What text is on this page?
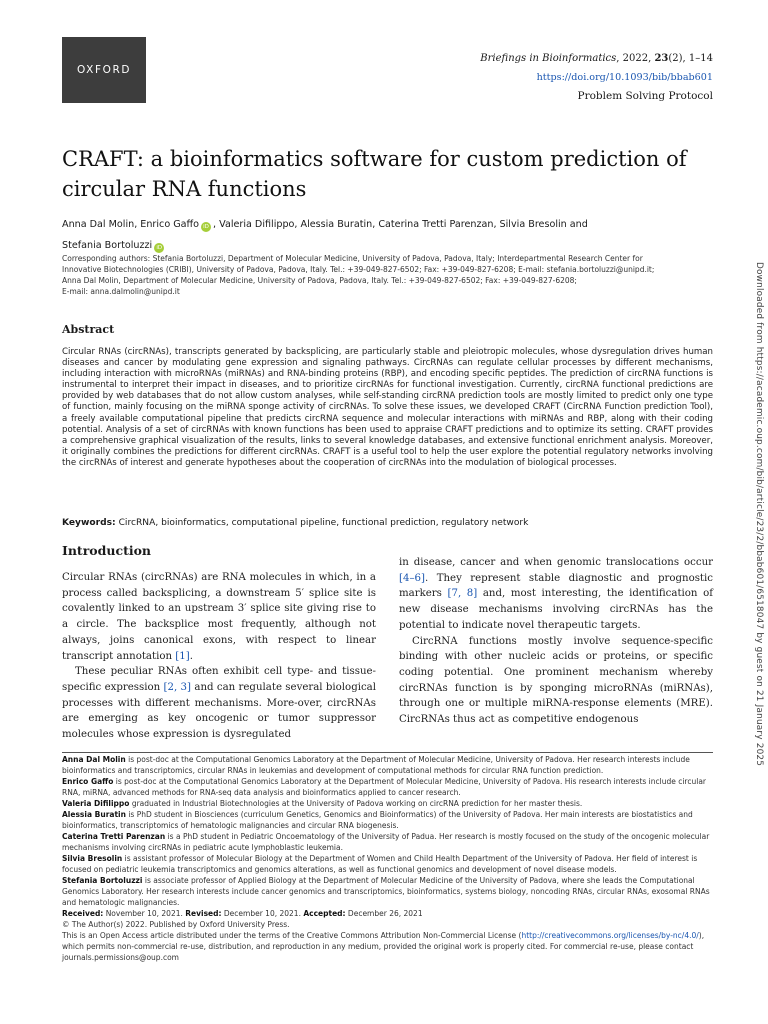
OXFORD
Briefings in Bioinformatics, 2022, 23(2), 1–14
https://doi.org/10.1093/bib/bbab601
Problem Solving Protocol
CRAFT: a bioinformatics software for custom prediction of circular RNA functions
Anna Dal Molin, Enrico Gaffo iD , Valeria Difilippo, Alessia Buratin, Caterina Tretti Parenzan, Silvia Bresolin and
Stefania Bortoluzzi iD
Corresponding authors: Stefania Bortoluzzi, Department of Molecular Medicine, University of Padova, Padova, Italy; Interdepartmental Research Center for
Innovative Biotechnologies (CRIBI), University of Padova, Padova, Italy. Tel.: +39-049-827-6502; Fax: +39-049-827-6208; E-mail: stefania.bortoluzzi@unipd.it;
Anna Dal Molin, Department of Molecular Medicine, University of Padova, Padova, Italy. Tel.: +39-049-827-6502; Fax: +39-049-827-6208;
E-mail: anna.dalmolin@unipd.it
Abstract

Circular RNAs (circRNAs), transcripts generated by backsplicing, are particularly stable and pleiotropic molecules, whose dysregulation drives human diseases and cancer by modulating gene expression and signaling pathways. CircRNAs can regulate cellular processes by different mechanisms, including interaction with microRNAs (miRNAs) and RNA-binding proteins (RBP), and encoding specific peptides. The prediction of circRNA functions is instrumental to interpret their impact in diseases, and to prioritize circRNAs for functional investigation. Currently, circRNA functional predictions are provided by web databases that do not allow custom analyses, while self-standing circRNA prediction tools are mostly limited to predict only one type of function, mainly focusing on the miRNA sponge activity of circRNAs. To solve these issues, we developed CRAFT (CircRNA Function prediction Tool), a freely available computational pipeline that predicts circRNA sequence and molecular interactions with miRNAs and RBP, along with their coding potential. Analysis of a set of circRNAs with known functions has been used to appraise CRAFT predictions and to optimize its setting. CRAFT provides a comprehensive graphical visualization of the results, links to several knowledge databases, and extensive functional enrichment analysis. Moreover, it originally combines the predictions for different circRNAs. CRAFT is a useful tool to help the user explore the potential regulatory networks involving the circRNAs of interest and generate hypotheses about the cooperation of circRNAs into the modulation of biological processes.

Keywords: CircRNA, bioinformatics, computational pipeline, functional prediction, regulatory network
Introduction

Circular RNAs (circRNAs) are RNA molecules in which, in a process called backsplicing, a downstream 5′ splice site is covalently linked to an upstream 3′ splice site giving rise to a circle. The backsplice most frequently, although not always, joins canonical exons, with respect to linear transcript annotation [1].

These peculiar RNAs often exhibit cell type- and tissue-specific expression [2, 3] and can regulate several biological processes with different mechanisms. More-over, circRNAs are emerging as key oncogenic or tumor suppressor molecules whose expression is dysregulated

in disease, cancer and when genomic translocations occur [4–6]. They represent stable diagnostic and prognostic markers [7, 8] and, most interesting, the identification of new disease mechanisms involving circRNAs has the potential to indicate novel therapeutic targets.

CircRNA functions mostly involve sequence-specific binding with other nucleic acids or proteins, or specific coding potential. One prominent mechanism whereby circRNAs function is by sponging microRNAs (miRNAs), through one or multiple miRNA-response elements (MRE). CircRNAs thus act as competitive endogenous

Anna Dal Molin is post-doc at the Computational Genomics Laboratory at the Department of Molecular Medicine, University of Padova. Her research interests include bioinformatics and transcriptomics, circular RNAs in leukemias and development of computational methods for circular RNA function prediction.

Enrico Gaffo is post-doc at the Computational Genomics Laboratory at the Department of Molecular Medicine, University of Padova. His research interests include circular RNA, miRNA, advanced methods for RNA-seq data analysis and bioinformatics applied to cancer research.

Valeria Difilippo graduated in Industrial Biotechnologies at the University of Padova working on circRNA prediction for her master thesis.

Alessia Buratin is PhD student in Biosciences (curriculum Genetics, Genomics and Bioinformatics) of the University of Padova. Her main interests are biostatistics and bioinformatics, transcriptomics of hematologic malignancies and circular RNA biogenesis.

Caterina Tretti Parenzan is a PhD student in Pediatric Oncoematology of the University of Padua. Her research is mostly focused on the study of the oncogenic molecular mechanisms involving circRNAs in pediatric acute lymphoblastic leukemia.

Silvia Bresolin is assistant professor of Molecular Biology at the Department of Women and Child Health Department of the University of Padova. Her field of interest is focused on pediatric leukemia transcriptomics and genomics alterations, as well as functional genomics and development of novel disease models.

Stefania Bortoluzzi is associate professor of Applied Biology at the Department of Molecular Medicine of the University of Padova, where she leads the Computational Genomics Laboratory. Her research interests include cancer genomics and transcriptomics, bioinformatics, systems biology, noncoding RNAs, circular RNAs, exosomal RNAs and hematologic malignancies.

Received: November 10, 2021. Revised: December 10, 2021. Accepted: December 26, 2021

© The Author(s) 2022. Published by Oxford University Press.

This is an Open Access article distributed under the terms of the Creative Commons Attribution Non-Commercial License (http://creativecommons.org/licenses/by-nc/4.0/), which permits non-commercial re-use, distribution, and reproduction in any medium, provided the original work is properly cited. For commercial re-use, please contact journals.permissions@oup.com

Downloaded from https://academic.oup.com/bib/article/23/2/bbab601/6518047 by guest on 21 January 2025
